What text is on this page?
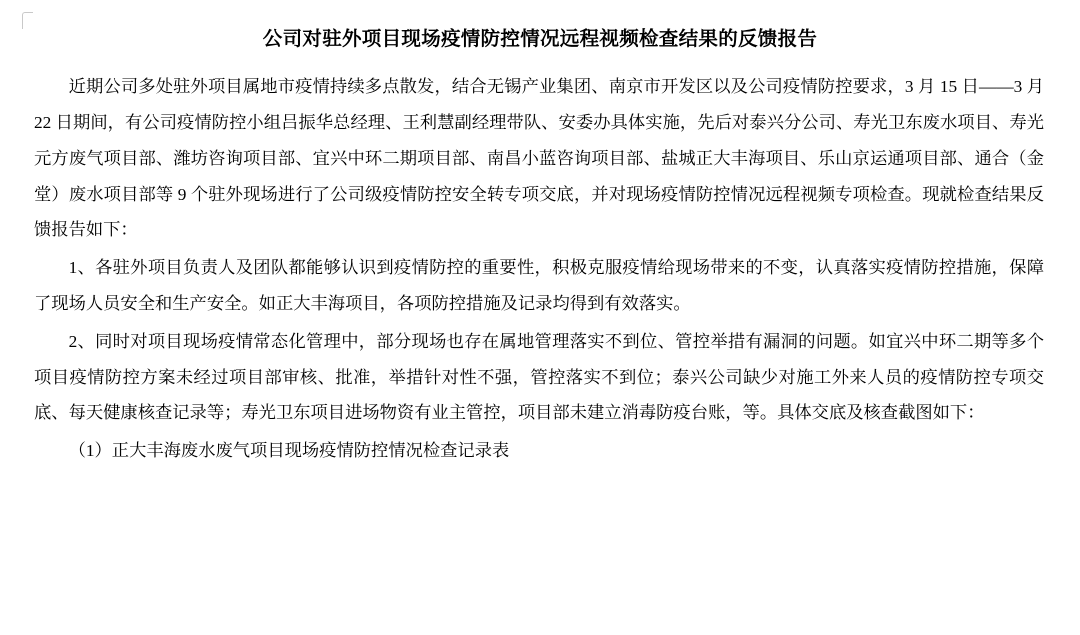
公司对驻外项目现场疫情防控情况远程视频检查结果的反馈报告

近期公司多处驻外项目属地市疫情持续多点散发，结合无锡产业集团、南京市开发区以及公司疫情防控要求，3 月 15 日——3 月 22 日期间，有公司疫情防控小组吕振华总经理、王利慧副经理带队、安委办具体实施，先后对泰兴分公司、寿光卫东废水项目、寿光元方废气项目部、潍坊咨询项目部、宜兴中环二期项目部、南昌小蓝咨询项目部、盐城正大丰海项目、乐山京运通项目部、通合（金堂）废水项目部等 9 个驻外现场进行了公司级疫情防控安全转专项交底，并对现场疫情防控情况远程视频专项检查。现就检查结果反馈报告如下：

1、各驻外项目负责人及团队都能够认识到疫情防控的重要性，积极克服疫情给现场带来的不变，认真落实疫情防控措施，保障了现场人员安全和生产安全。如正大丰海项目，各项防控措施及记录均得到有效落实。

2、同时对项目现场疫情常态化管理中，部分现场也存在属地管理落实不到位、管控举措有漏洞的问题。如宜兴中环二期等多个项目疫情防控方案未经过项目部审核、批准，举措针对性不强，管控落实不到位；泰兴公司缺少对施工外来人员的疫情防控专项交底、每天健康核查记录等；寿光卫东项目进场物资有业主管控，项目部未建立消毒防疫台账，等。具体交底及核查截图如下：

（1）正大丰海废水废气项目现场疫情防控情况检查记录表
